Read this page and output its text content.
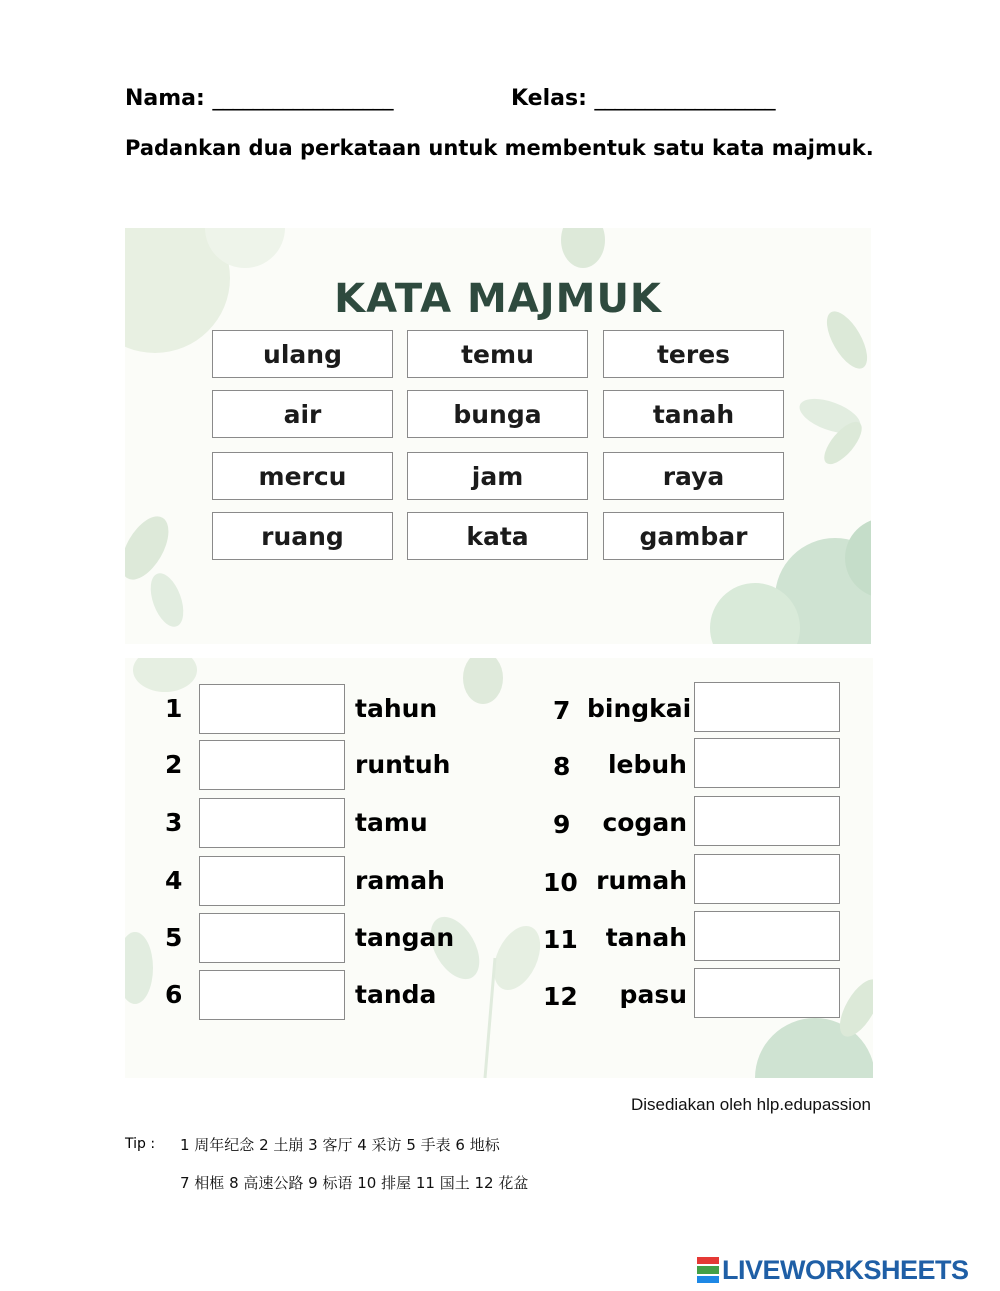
Nama: __________________	Kelas: __________________
Padankan dua perkataan untuk membentuk satu kata majmuk.
KATA MAJMUK
ulang	temu	teres
air	bunga	tanah
mercu	jam	raya
ruang	kata	gambar
1	tahun
2	runtuh
3	tamu
4	ramah
5	tangan
6	tanda
7 bingkai
8	lebuh
9	cogan
10 rumah
11	tanah
12	pasu
Disediakan oleh hlp.edupassion
Tip : 1 周年纪念 2 土崩 3 客厅 4 采访 5 手表 6 地标
7 相框 8 高速公路 9 标语 10 排屋 11 国土 12 花盆
LIVEWORKSHEETS
